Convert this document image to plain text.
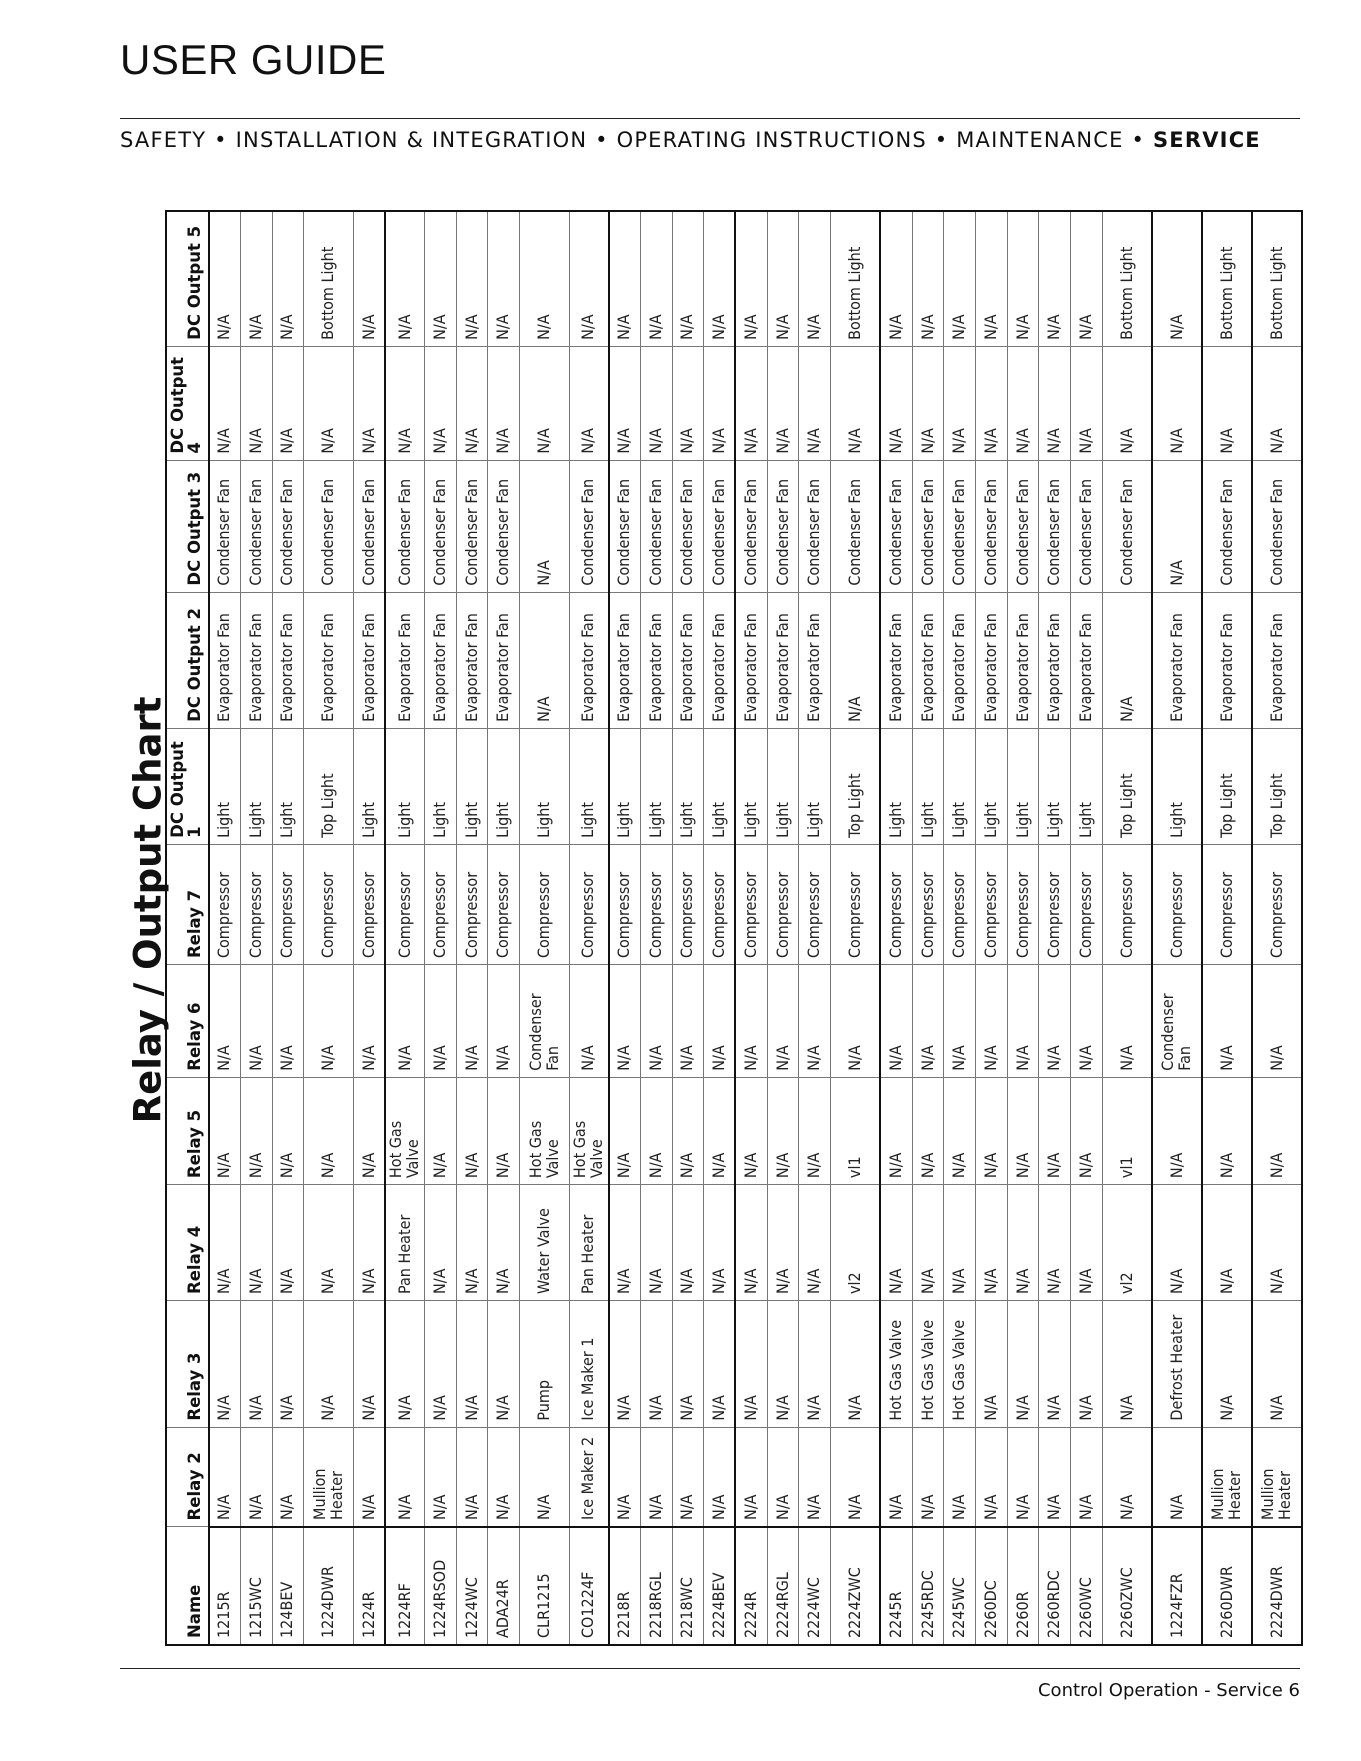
USER GUIDE
SAFETY • INSTALLATION & INTEGRATION • OPERATING INSTRUCTIONS • MAINTENANCE • SERVICE
Relay / Output Chart
Name	Relay 2	Relay 3	Relay 4	Relay 5	Relay 6	Relay 7	DC Output 1	DC Output 2	DC Output 3	DC Output 4	DC Output 5
1215R	N/A	N/A	N/A	N/A	N/A	Compressor	Light	Evaporator Fan	Condenser Fan	N/A	N/A
1215WC	N/A	N/A	N/A	N/A	N/A	Compressor	Light	Evaporator Fan	Condenser Fan	N/A	N/A
124BEV	N/A	N/A	N/A	N/A	N/A	Compressor	Light	Evaporator Fan	Condenser Fan	N/A	N/A
1224DWR	Mullion Heater	N/A	N/A	N/A	N/A	Compressor	Top Light	Evaporator Fan	Condenser Fan	N/A	Bottom Light
1224R	N/A	N/A	N/A	N/A	N/A	Compressor	Light	Evaporator Fan	Condenser Fan	N/A	N/A
1224RF	N/A	N/A	Pan Heater	Hot Gas Valve	N/A	Compressor	Light	Evaporator Fan	Condenser Fan	N/A	N/A
1224RSOD	N/A	N/A	N/A	N/A	N/A	Compressor	Light	Evaporator Fan	Condenser Fan	N/A	N/A
1224WC	N/A	N/A	N/A	N/A	N/A	Compressor	Light	Evaporator Fan	Condenser Fan	N/A	N/A
ADA24R	N/A	N/A	N/A	N/A	N/A	Compressor	Light	Evaporator Fan	Condenser Fan	N/A	N/A
CLR1215	N/A	Pump	Water Valve	Hot Gas Valve	Condenser Fan	Compressor	Light	N/A	N/A	N/A	N/A
CO1224F	Ice Maker 2	Ice Maker 1	Pan Heater	Hot Gas Valve	N/A	Compressor	Light	Evaporator Fan	Condenser Fan	N/A	N/A
2218R	N/A	N/A	N/A	N/A	N/A	Compressor	Light	Evaporator Fan	Condenser Fan	N/A	N/A
2218RGL	N/A	N/A	N/A	N/A	N/A	Compressor	Light	Evaporator Fan	Condenser Fan	N/A	N/A
2218WC	N/A	N/A	N/A	N/A	N/A	Compressor	Light	Evaporator Fan	Condenser Fan	N/A	N/A
2224BEV	N/A	N/A	N/A	N/A	N/A	Compressor	Light	Evaporator Fan	Condenser Fan	N/A	N/A
2224R	N/A	N/A	N/A	N/A	N/A	Compressor	Light	Evaporator Fan	Condenser Fan	N/A	N/A
2224RGL	N/A	N/A	N/A	N/A	N/A	Compressor	Light	Evaporator Fan	Condenser Fan	N/A	N/A
2224WC	N/A	N/A	N/A	N/A	N/A	Compressor	Light	Evaporator Fan	Condenser Fan	N/A	N/A
2224ZWC	N/A	N/A	vl2	vl1	N/A	Compressor	Top Light	N/A	Condenser Fan	N/A	Bottom Light
2245R	N/A	Hot Gas Valve	N/A	N/A	N/A	Compressor	Light	Evaporator Fan	Condenser Fan	N/A	N/A
2245RDC	N/A	Hot Gas Valve	N/A	N/A	N/A	Compressor	Light	Evaporator Fan	Condenser Fan	N/A	N/A
2245WC	N/A	Hot Gas Valve	N/A	N/A	N/A	Compressor	Light	Evaporator Fan	Condenser Fan	N/A	N/A
2260DC	N/A	N/A	N/A	N/A	N/A	Compressor	Light	Evaporator Fan	Condenser Fan	N/A	N/A
2260R	N/A	N/A	N/A	N/A	N/A	Compressor	Light	Evaporator Fan	Condenser Fan	N/A	N/A
2260RDC	N/A	N/A	N/A	N/A	N/A	Compressor	Light	Evaporator Fan	Condenser Fan	N/A	N/A
2260WC	N/A	N/A	N/A	N/A	N/A	Compressor	Light	Evaporator Fan	Condenser Fan	N/A	N/A
2260ZWC	N/A	N/A	vl2	vl1	N/A	Compressor	Top Light	N/A	Condenser Fan	N/A	Bottom Light
1224FZR	N/A	Defrost Heater	N/A	N/A	Condenser Fan	Compressor	Light	Evaporator Fan	N/A	N/A	N/A
2260DWR	Mullion Heater	N/A	N/A	N/A	N/A	Compressor	Top Light	Evaporator Fan	Condenser Fan	N/A	Bottom Light
2224DWR	Mullion Heater	N/A	N/A	N/A	N/A	Compressor	Top Light	Evaporator Fan	Condenser Fan	N/A	Bottom Light
Control Operation - Service 6
